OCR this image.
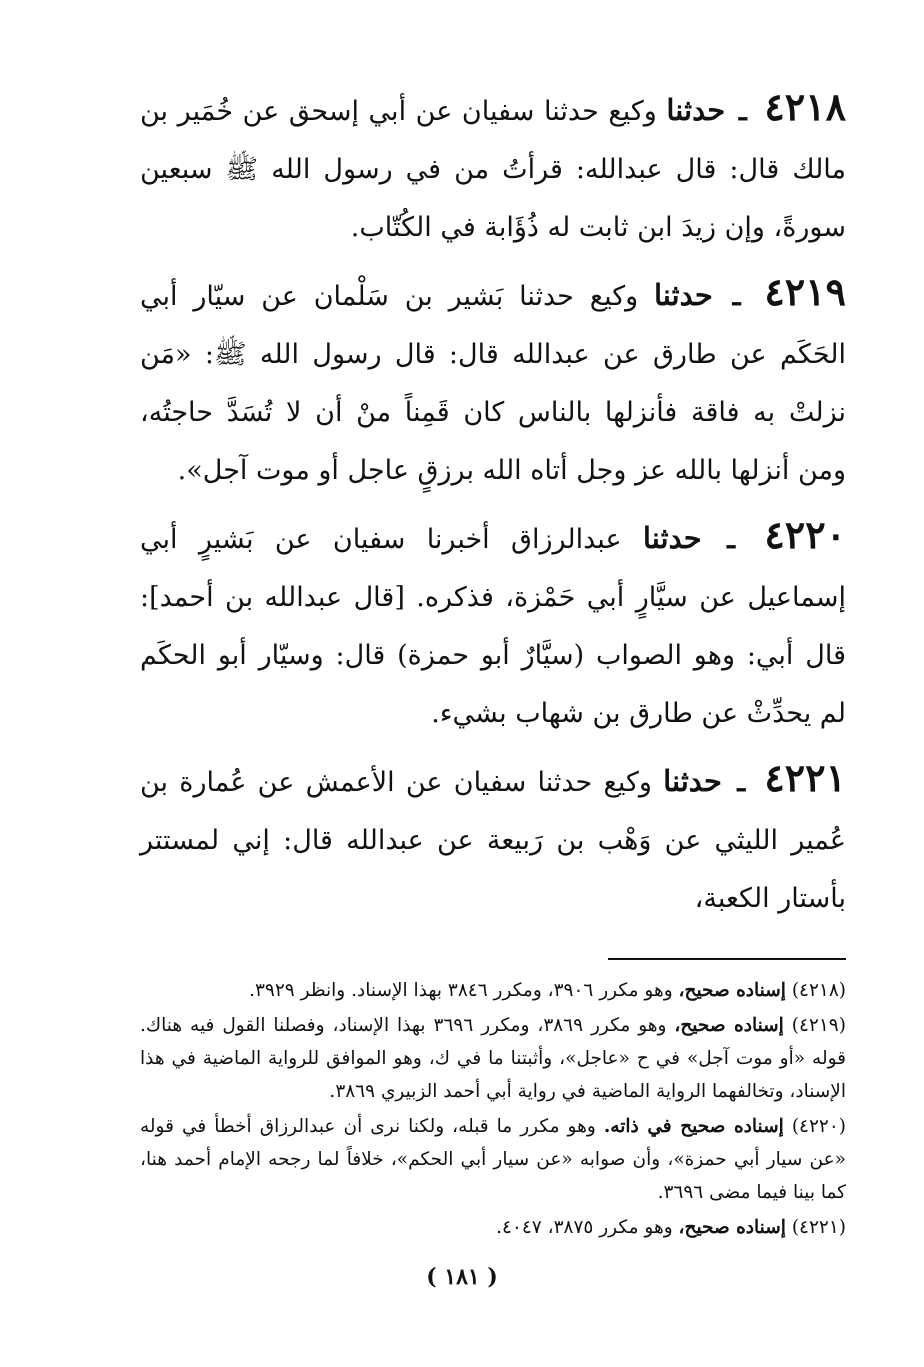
٤٢١٨ ـ حدثنا وكيع حدثنا سفيان عن أبي إسحق عن خُمَير بن مالك قال: قال عبدالله: قرأتُ من في رسول الله ﷺ سبعين سورةً، وإن زيدَ ابن ثابت له ذُؤَابة في الكُتّاب.

٤٢١٩ ـ حدثنا وكيع حدثنا بَشير بن سَلْمان عن سيّار أبي الحَكَم عن طارق عن عبدالله قال: قال رسول الله ﷺ: «مَن نزلتْ به فاقة فأنزلها بالناس كان قَمِناً منْ أن لا تُسَدَّ حاجتُه، ومن أنزلها بالله عز وجل أتاه الله برزقٍ عاجل أو موت آجل».

٤٢٢٠ ـ حدثنا عبدالرزاق أخبرنا سفيان عن بَشيرٍ أبي إسماعيل عن سيَّارٍ أبي حَمْزة، فذكره. [قال عبدالله بن أحمد]: قال أبي: وهو الصواب (سيَّارٌ أبو حمزة) قال: وسيّار أبو الحكَم لم يحدِّثْ عن طارق بن شهاب بشيء.

٤٢٢١ ـ حدثنا وكيع حدثنا سفيان عن الأعمش عن عُمارة بن عُمير الليثي عن وَهْب بن رَبيعة عن عبدالله قال: إني لمستتر بأستار الكعبة،

(٤٢١٨) إسناده صحيح، وهو مكرر ٣٩٠٦، ومكرر ٣٨٤٦ بهذا الإسناد. وانظر ٣٩٢٩.

(٤٢١٩) إسناده صحيح، وهو مكرر ٣٨٦٩، ومكرر ٣٦٩٦ بهذا الإسناد، وفصلنا القول فيه هناك. قوله «أو موت آجل» في ح «عاجل»، وأثبتنا ما في ك، وهو الموافق للرواية الماضية في هذا الإسناد، وتخالفهما الرواية الماضية في رواية أبي أحمد الزبيري ٣٨٦٩.

(٤٢٢٠) إسناده صحيح في ذاته. وهو مكرر ما قبله، ولكنا نرى أن عبدالرزاق أخطأ في قوله «عن سيار أبي حمزة»، وأن صوابه «عن سيار أبي الحكم»، خلافاً لما رجحه الإمام أحمد هنا، كما بينا فيما مضى ٣٦٩٦.

(٤٢٢١) إسناده صحيح، وهو مكرر ٣٨٧٥، ٤٠٤٧.

( ١٨١ )
